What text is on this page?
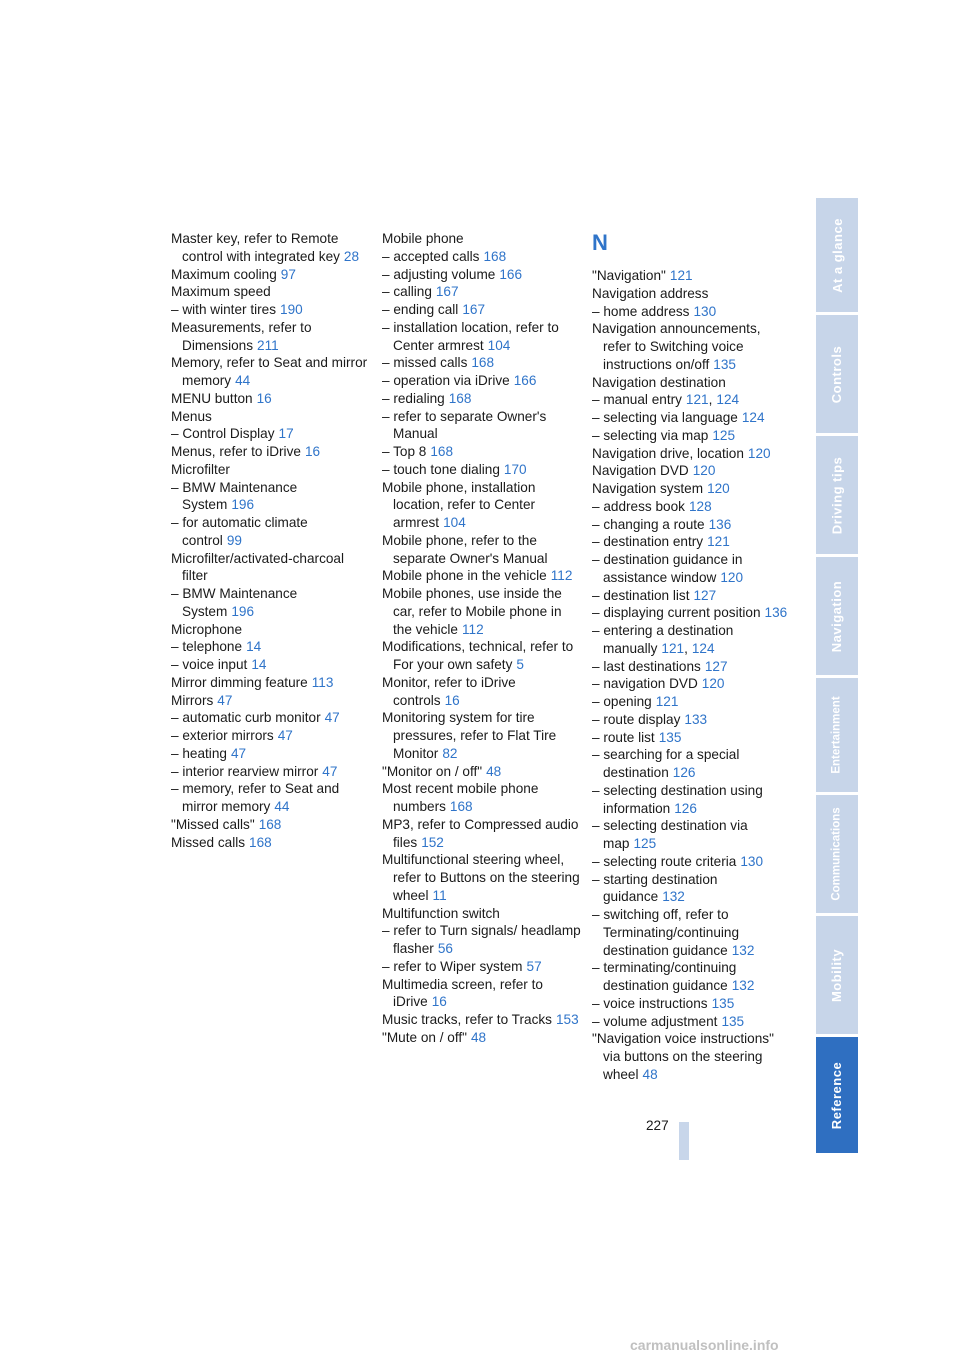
Master key, refer to Remote control with integrated key 28

Maximum cooling 97

Maximum speed

– with winter tires 190

Measurements, refer to Dimensions 211

Memory, refer to Seat and mirror memory 44

MENU button 16

Menus

– Control Display 17

Menus, refer to iDrive 16

Microfilter

– BMW Maintenance System 196

– for automatic climate control 99

Microfilter/activated-charcoal filter

– BMW Maintenance System 196

Microphone

– telephone 14

– voice input 14

Mirror dimming feature 113

Mirrors 47

– automatic curb monitor 47

– exterior mirrors 47

– heating 47

– interior rearview mirror 47

– memory, refer to Seat and mirror memory 44

"Missed calls" 168

Missed calls 168

Mobile phone

– accepted calls 168

– adjusting volume 166

– calling 167

– ending call 167

– installation location, refer to Center armrest 104

– missed calls 168

– operation via iDrive 166

– redialing 168

– refer to separate Owner's Manual

– Top 8 168

– touch tone dialing 170

Mobile phone, installation location, refer to Center armrest 104

Mobile phone, refer to the separate Owner's Manual

Mobile phone in the vehicle 112

Mobile phones, use inside the car, refer to Mobile phone in the vehicle 112

Modifications, technical, refer to For your own safety 5

Monitor, refer to iDrive controls 16

Monitoring system for tire pressures, refer to Flat Tire Monitor 82

"Monitor on / off" 48

Most recent mobile phone numbers 168

MP3, refer to Compressed audio files 152

Multifunctional steering wheel, refer to Buttons on the steering wheel 11

Multifunction switch

– refer to Turn signals/ headlamp flasher 56

– refer to Wiper system 57

Multimedia screen, refer to iDrive 16

Music tracks, refer to Tracks 153

"Mute on / off" 48

N

"Navigation" 121

Navigation address

– home address 130

Navigation announcements, refer to Switching voice instructions on/off 135

Navigation destination

– manual entry 121, 124

– selecting via language 124

– selecting via map 125

Navigation drive, location 120

Navigation DVD 120

Navigation system 120

– address book 128

– changing a route 136

– destination entry 121

– destination guidance in assistance window 120

– destination list 127

– displaying current position 136

– entering a destination manually 121, 124

– last destinations 127

– navigation DVD 120

– opening 121

– route display 133

– route list 135

– searching for a special destination 126

– selecting destination using information 126

– selecting destination via map 125

– selecting route criteria 130

– starting destination guidance 132

– switching off, refer to Terminating/continuing destination guidance 132

– terminating/continuing destination guidance 132

– voice instructions 135

– volume adjustment 135

"Navigation voice instructions" via buttons on the steering wheel 48

At a glance
Controls
Driving tips
Navigation
Entertainment
Communications
Mobility
Reference
227
carmanualsonline.info
